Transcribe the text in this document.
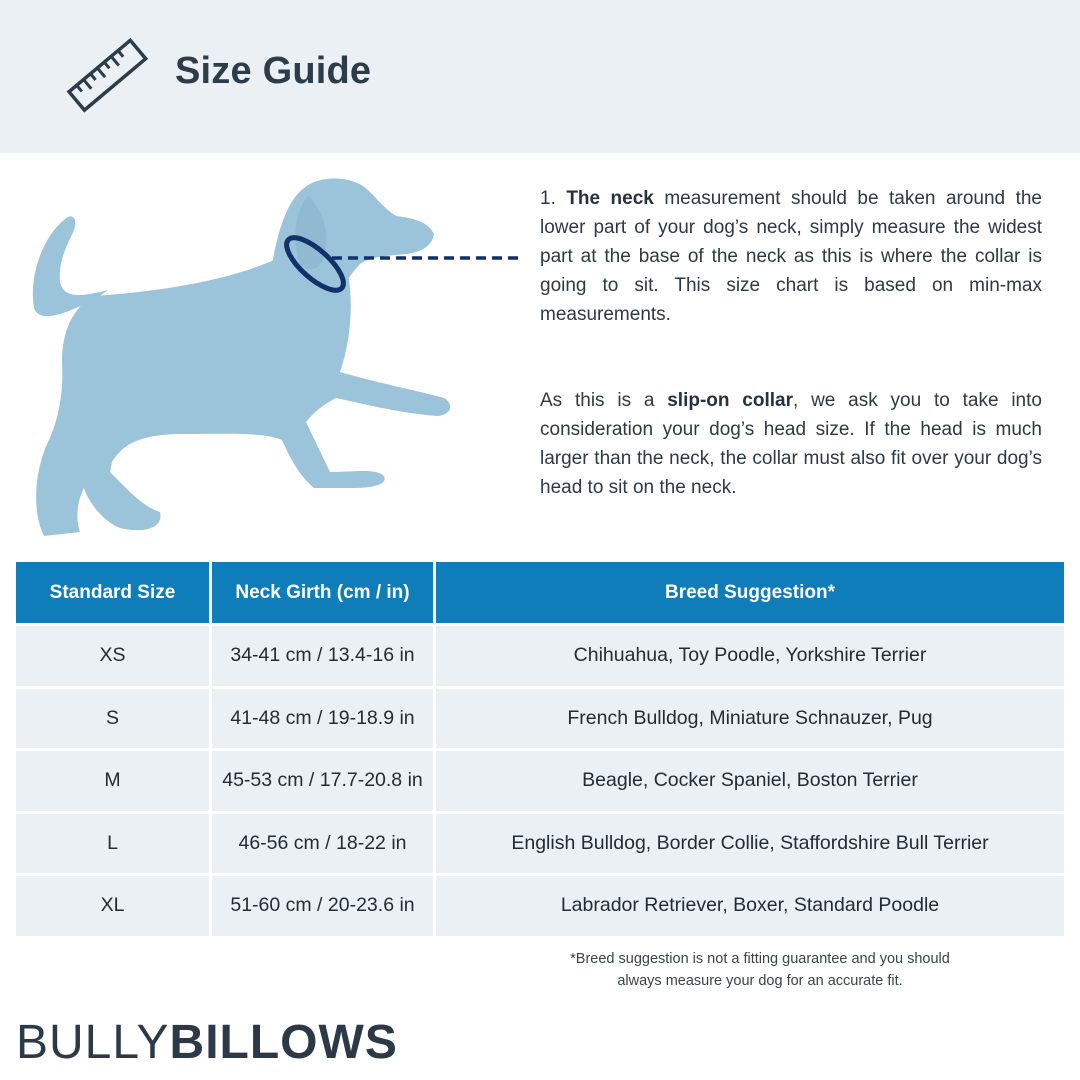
Size Guide
1. The neck measurement should be taken around the lower part of your dog’s neck, simply measure the widest part at the base of the neck as this is where the collar is going to sit. This size chart is based on min-max measurements.
As this is a slip-on collar, we ask you to take into consideration your dog’s head size. If the head is much larger than the neck, the collar must also fit over your dog’s head to sit on the neck.
Standard Size	Neck Girth (cm / in)	Breed Suggestion*
XS	34-41 cm / 13.4-16 in	Chihuahua, Toy Poodle, Yorkshire Terrier
S	41-48 cm / 19-18.9 in	French Bulldog, Miniature Schnauzer, Pug
M	45-53 cm / 17.7-20.8 in	Beagle, Cocker Spaniel, Boston Terrier
L	46-56 cm / 18-22 in	English Bulldog, Border Collie, Staffordshire Bull Terrier
XL	51-60 cm / 20-23.6 in	Labrador Retriever, Boxer, Standard Poodle
*Breed suggestion is not a fitting guarantee and you should
always measure your dog for an accurate fit.
BULLYBILLOWS
